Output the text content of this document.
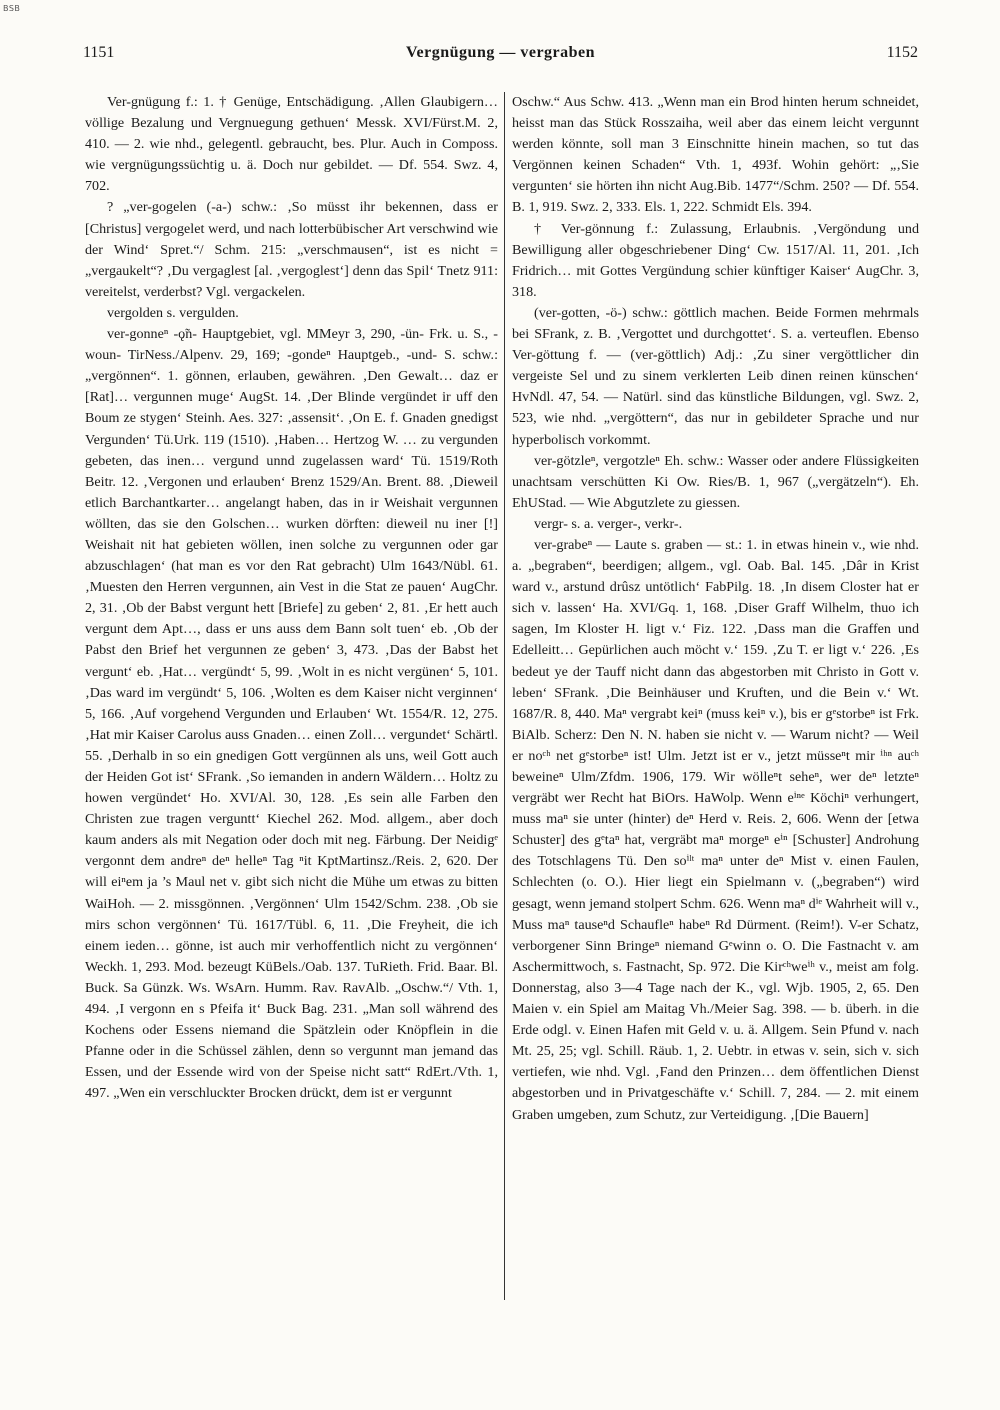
BSB
1151	Vergnügung — vergraben	1152

Ver-gnügung f.: 1. † Genüge, Entschädigung. ‚Allen Glaubigern… völlige Bezalung und Vergnuegung gethuen‘ Messk. XVI/Fürst.M. 2, 410. — 2. wie nhd., gelegentl. gebraucht, bes. Plur. Auch in Composs. wie vergnügungssüchtig u. ä. Doch nur gebildet. — Df. 554. Swz. 4, 702.

? „ver-gogelen (-a-) schw.: ‚So müsst ihr bekennen, dass er [Christus] vergogelet werd, und nach lotterbübischer Art verschwind wie der Wind‘ Spret.“/ Schm. 215: „verschmausen“, ist es nicht = „vergaukelt“? ‚Du vergaglest [al. ‚vergoglest‘] denn das Spil‘ Tnetz 911: vereitelst, verderbst? Vgl. vergackelen.

vergolden s. vergulden.

ver-gonneⁿ -ǫ̃n- Hauptgebiet, vgl. MMeyr 3, 290, -ün- Frk. u. S., -woun- TirNess./Alpenv. 29, 169; -gondeⁿ Hauptgeb., -und- S. schw.: „vergönnen“. 1. gönnen, erlauben, gewähren. ‚Den Gewalt… daz er [Rat]… vergunnen muge‘ AugSt. 14. ‚Der Blinde vergündet ir uff den Boum ze stygen‘ Steinh. Aes. 327: ‚assensit‘. ‚On E. f. Gnaden gnedigst Vergunden‘ Tü.Urk. 119 (1510). ‚Haben… Hertzog W. … zu vergunden gebeten, das inen… vergund unnd zugelassen ward‘ Tü. 1519/Roth Beitr. 12. ‚Vergonen und erlauben‘ Brenz 1529/An. Brent. 88. ‚Dieweil etlich Barchantkarter… angelangt haben, das in ir Weishait vergunnen wöllten, das sie den Golschen… wurken dörften: dieweil nu iner [!] Weishait nit hat gebieten wöllen, inen solche zu vergunnen oder gar abzuschlagen‘ (hat man es vor den Rat gebracht) Ulm 1643/Nübl. 61. ‚Muesten den Herren vergunnen, ain Vest in die Stat ze pauen‘ AugChr. 2, 31. ‚Ob der Babst vergunt hett [Briefe] zu geben‘ 2, 81. ‚Er hett auch vergunt dem Apt…, dass er uns auss dem Bann solt tuen‘ eb. ‚Ob der Pabst den Brief het vergunnen ze geben‘ 3, 473. ‚Das der Babst het vergunt‘ eb. ‚Hat… vergündt‘ 5, 99. ‚Wolt in es nicht vergünen‘ 5, 101. ‚Das ward im vergündt‘ 5, 106. ‚Wolten es dem Kaiser nicht verginnen‘ 5, 166. ‚Auf vorgehend Vergunden und Erlauben‘ Wt. 1554/R. 12, 275. ‚Hat mir Kaiser Carolus auss Gnaden… einen Zoll… vergundet‘ Schärtl. 55. ‚Derhalb in so ein gnedigen Gott vergünnen als uns, weil Gott auch der Heiden Got ist‘ SFrank. ‚So iemanden in andern Wäldern… Holtz zu howen vergündet‘ Ho. XVI/Al. 30, 128. ‚Es sein alle Farben den Christen zue tragen verguntt‘ Kiechel 262. Mod. allgem., aber doch kaum anders als mit Negation oder doch mit neg. Färbung. Der Neidigᵉ vergonnt dem andreⁿ deⁿ helleⁿ Tag ⁿit KptMartinsz./Reis. 2, 620. Der will eiⁿem ja ’s Maul net v. gibt sich nicht die Mühe um etwas zu bitten WaiHoh. — 2. missgönnen. ‚Vergönnen‘ Ulm 1542/Schm. 238. ‚Ob sie mirs schon vergönnen‘ Tü. 1617/Tübl. 6, 11. ‚Die Freyheit, die ich einem ieden… gönne, ist auch mir verhoffentlich nicht zu vergönnen‘ Weckh. 1, 293. Mod. bezeugt KüBels./Oab. 137. TuRieth. Frid. Baar. Bl. Buck. Sa Günzk. Ws. WsArn. Humm. Rav. RavAlb. „Oschw.“/ Vth. 1, 494. ‚I vergonn en s Pfeifa it‘ Buck Bag. 231. „Man soll während des Kochens oder Essens niemand die Spätzlein oder Knöpflein in die Pfanne oder in die Schüssel zählen, denn so vergunnt man jemand das Essen, und der Essende wird von der Speise nicht satt“ RdErt./Vth. 1, 497. „Wen ein verschluckter Brocken drückt, dem ist er vergunnt

Oschw.“ Aus Schw. 413. „Wenn man ein Brod hinten herum schneidet, heisst man das Stück Rosszaiha, weil aber das einem leicht vergunnt werden könnte, soll man 3 Einschnitte hinein machen, so tut das Vergönnen keinen Schaden“ Vth. 1, 493f. Wohin gehört: „‚Sie vergunten‘ sie hörten ihn nicht Aug.Bib. 1477“/Schm. 250? — Df. 554. B. 1, 919. Swz. 2, 333. Els. 1, 222. Schmidt Els. 394.

† Ver-gönnung f.: Zulassung, Erlaubnis. ‚Vergöndung und Bewilligung aller obgeschriebener Ding‘ Cw. 1517/Al. 11, 201. ‚Ich Fridrich… mit Gottes Vergündung schier künftiger Kaiser‘ AugChr. 3, 318.

(ver-gotten, -ö-) schw.: göttlich machen. Beide Formen mehrmals bei SFrank, z. B. ‚Vergottet und durchgottet‘. S. a. verteuflen. Ebenso Ver-göttung f. — (ver-göttlich) Adj.: ‚Zu siner vergöttlicher din vergeiste Sel und zu sinem verklerten Leib dinen reinen künschen‘ HvNdl. 47, 54. — Natürl. sind das künstliche Bildungen, vgl. Swz. 2, 523, wie nhd. „vergöttern“, das nur in gebildeter Sprache und nur hyperbolisch vorkommt.

ver-götzleⁿ, vergotzleⁿ Eh. schw.: Wasser oder andere Flüssigkeiten unachtsam verschütten Ki Ow. Ries/B. 1, 967 („vergätzeln“). Eh. EhUStad. — Wie Abgutzlete zu giessen.

vergr- s. a. verger-, verkr-.

ver-grabeⁿ — Laute s. graben — st.: 1. in etwas hinein v., wie nhd. a. „begraben“, beerdigen; allgem., vgl. Oab. Bal. 145. ‚Dâr in Krist ward v., arstund drûsz untötlich‘ FabPilg. 18. ‚In disem Closter hat er sich v. lassen‘ Ha. XVI/Gq. 1, 168. ‚Diser Graff Wilhelm, thuo ich sagen, Im Kloster H. ligt v.‘ Fiz. 122. ‚Dass man die Graffen und Edelleitt… Gepürlichen auch möcht v.‘ 159. ‚Zu T. er ligt v.‘ 226. ‚Es bedeut ye der Tauff nicht dann das abgestorben mit Christo in Gott v. leben‘ SFrank. ‚Die Beinhäuser und Kruften, und die Bein v.‘ Wt. 1687/R. 8, 440. Maⁿ vergrabt keiⁿ (muss keiⁿ v.), bis er gᵉstorbeⁿ ist Frk. BiAlb. Scherz: Den N. N. haben sie nicht v. — Warum nicht? — Weil er noᶜʰ net gᵉstorbeⁿ ist! Ulm. Jetzt ist er v., jetzt müsseⁿt mir ⁱʰⁿ auᶜʰ beweineⁿ Ulm/Zfdm. 1906, 179. Wir wölleⁿt seheⁿ, wer deⁿ letzteⁿ vergräbt wer Recht hat BiOrs. HaWolp. Wenn eⁱⁿᵉ Köchiⁿ verhungert, muss maⁿ sie unter (hinter) deⁿ Herd v. Reis. 2, 606. Wenn der [etwa Schuster] des gᵉtaⁿ hat, vergräbt maⁿ morgeⁿ eⁱⁿ [Schuster] Androhung des Totschlagens Tü. Den soⁱˡᵗ maⁿ unter deⁿ Mist v. einen Faulen, Schlechten (o. O.). Hier liegt ein Spielmann v. („begraben“) wird gesagt, wenn jemand stolpert Schm. 626. Wenn maⁿ dⁱᵉ Wahrheit will v., Muss maⁿ tauseⁿd Schaufleⁿ habeⁿ Rd Dürment. (Reim!). V-er Schatz, verborgener Sinn Bringeⁿ niemand Gᵉwinn o. O. Die Fastnacht v. am Aschermittwoch, s. Fastnacht, Sp. 972. Die Kirᶜʰweⁱʰ v., meist am folg. Donnerstag, also 3—4 Tage nach der K., vgl. Wjb. 1905, 2, 65. Den Maien v. ein Spiel am Maitag Vh./Meier Sag. 398. — b. überh. in die Erde odgl. v. Einen Hafen mit Geld v. u. ä. Allgem. Sein Pfund v. nach Mt. 25, 25; vgl. Schill. Räub. 1, 2. Uebtr. in etwas v. sein, sich v. sich vertiefen, wie nhd. Vgl. ‚Fand den Prinzen… dem öffentlichen Dienst abgestorben und in Privatgeschäfte v.‘ Schill. 7, 284. — 2. mit einem Graben umgeben, zum Schutz, zur Verteidigung. ‚[Die Bauern]
